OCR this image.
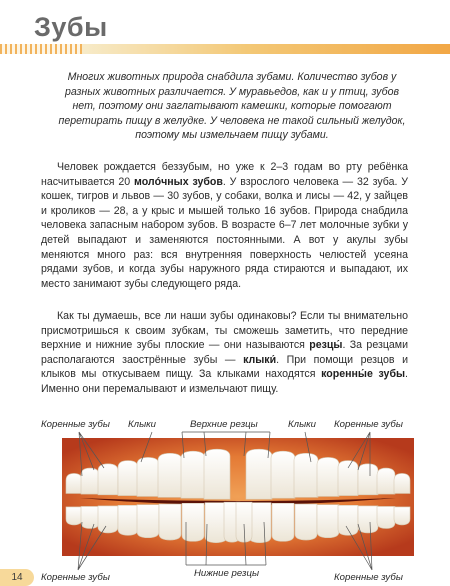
Зубы

Многих животных природа снабдила зубами. Количество зубов у разных животных различается. У муравьедов, как и у птиц, зубов нет, поэтому они заглатывают камешки, которые помогают перетирать пищу в желудке. У человека не такой сильный желудок, поэтому мы измельчаем пищу зубами.

Человек рождается беззубым, но уже к 2–3 годам во рту ребёнка насчитывается 20 молóчных зубов. У взрослого человека — 32 зуба. У кошек, тигров и львов — 30 зубов, у собаки, волка и лисы — 42, у зайцев и кроликов — 28, а у крыс и мышей только 16 зубов. Природа снабдила человека запасным набором зубов. В возрасте 6–7 лет молочные зубки у детей выпадают и заменяются постоянными. А вот у акулы зубы меняются много раз: вся внутренняя поверхность челюстей усеяна рядами зубов, и когда зубы наружного ряда стираются и выпадают, их место занимают зубы следующего ряда.

Как ты думаешь, все ли наши зубы одинаковы? Если ты внимательно присмотришься к своим зубкам, ты сможешь заметить, что передние верхние и нижние зубы плоские — они называются резцы́. За резцами располагаются заострённые зубы — клыки́. При помощи резцов и клыков мы откусываем пищу. За клыками находятся коренны́е зубы. Именно они перемалывают и измельчают пищу.

Коренные зубы Клыки	Верхние резцы	Клыки Коренные зубы
Коренные зубы	Нижние резцы	Коренные зубы
14
